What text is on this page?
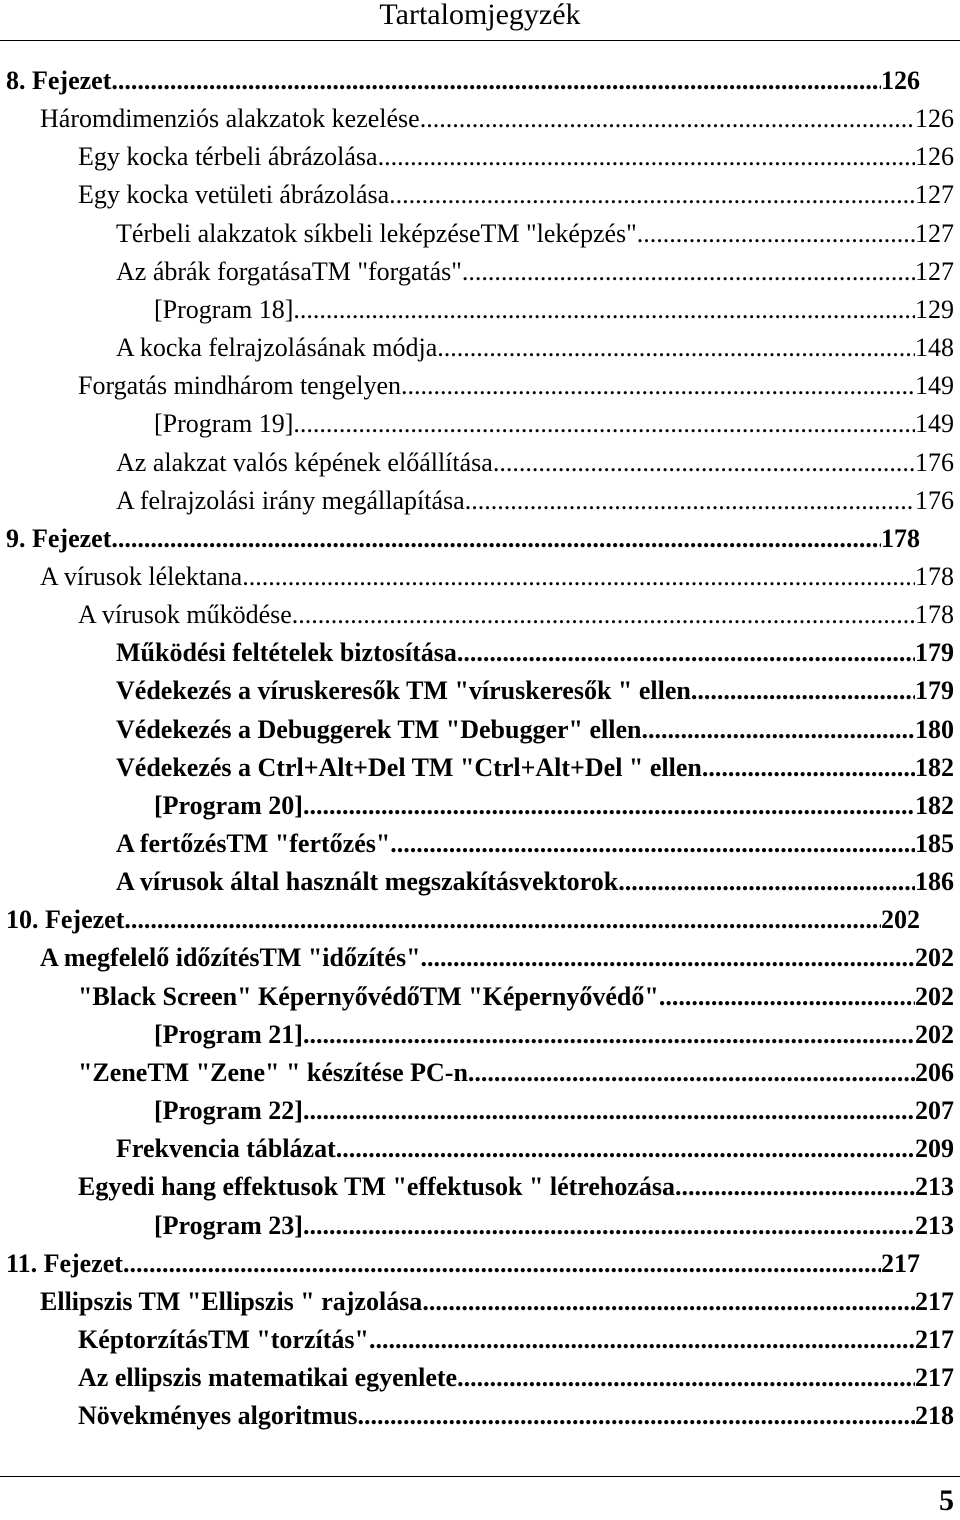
Tartalomjegyzék
8. Fejezet .....	126
Háromdimenziós alakzatok kezelése .....	126
Egy kocka térbeli ábrázolása .....	126
Egy kocka vetületi ábrázolása .....	127
Térbeli alakzatok síkbeli leképzéseTM "leképzés" .....	127
Az ábrák forgatásaTM "forgatás" .....	127
[Program 18] .....	129
A kocka felrajzolásának módja .....	148
Forgatás mindhárom tengelyen .....	149
[Program 19] .....	149
Az alakzat valós képének előállítása .....	176
A felrajzolási irány megállapítása .....	176
9. Fejezet .....	178
A vírusok lélektana .....	178
A vírusok működése .....	178
Működési feltételek biztosítása .....	179
Védekezés a víruskeresők TM "víruskeresők " ellen .....	179
Védekezés a Debuggerek TM "Debugger" ellen .....	180
Védekezés a Ctrl+Alt+Del TM "Ctrl+Alt+Del " ellen .....	182
[Program 20] .....	182
A fertőzésTM "fertőzés" .....	185
A vírusok által használt megszakításvektorok .....	186
10. Fejezet .....	202
A megfelelő időzítésTM "időzítés" .....	202
"Black Screen" KépernyővédőTM "Képernyővédő" .....	202
[Program 21] .....	202
"ZeneTM "Zene" " készítése PC-n .....	206
[Program 22] .....	207
Frekvencia táblázat .....	209
Egyedi hang effektusok TM "effektusok " létrehozása .....	213
[Program 23] .....	213
11. Fejezet .....	217
Ellipszis TM "Ellipszis " rajzolása .....	217
KéptorzításTM "torzítás" .....	217
Az ellipszis matematikai egyenlete .....	217
Növekményes algoritmus .....	218
5
